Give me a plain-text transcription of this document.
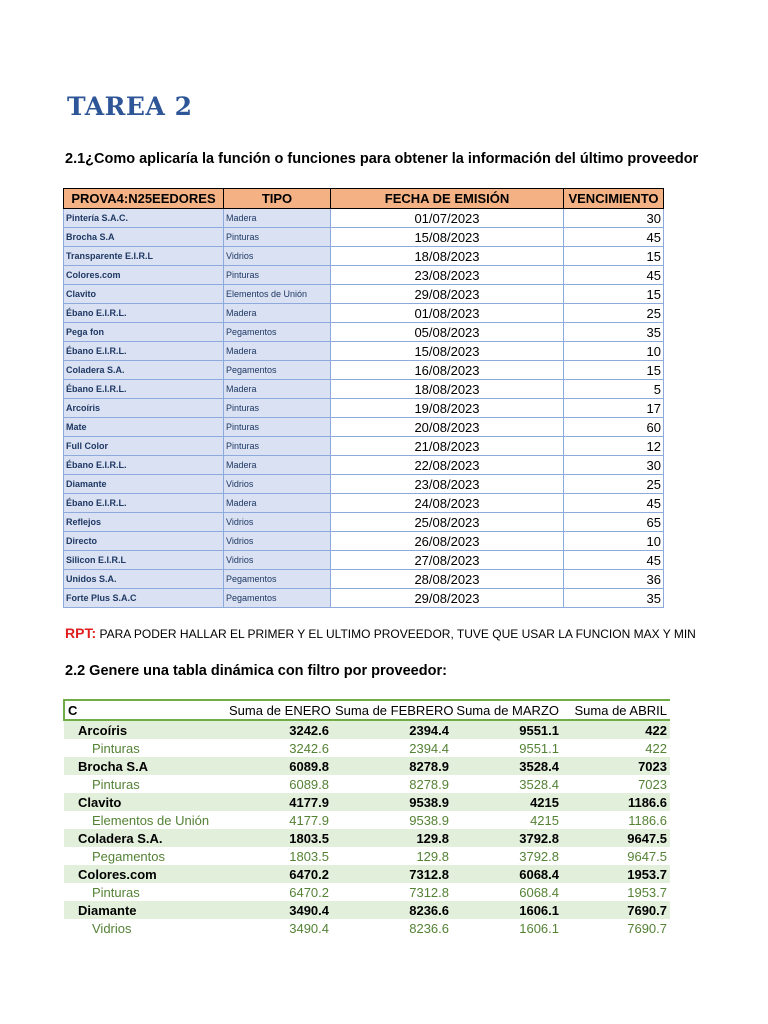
TAREA 2
2.1¿Como aplicaría la función o funciones para obtener la información del último proveedor
PROVA4:N25EEDORES	TIPO	FECHA DE EMISIÓN	VENCIMIENTO
Pintería S.A.C.	Madera	01/07/2023	30
Brocha S.A	Pinturas	15/08/2023	45
Transparente E.I.R.L	Vidrios	18/08/2023	15
Colores.com	Pinturas	23/08/2023	45
Clavito	Elementos de Unión	29/08/2023	15
Ébano E.I.R.L.	Madera	01/08/2023	25
Pega fon	Pegamentos	05/08/2023	35
Ébano E.I.R.L.	Madera	15/08/2023	10
Coladera S.A.	Pegamentos	16/08/2023	15
Ébano E.I.R.L.	Madera	18/08/2023	5
Arcoíris	Pinturas	19/08/2023	17
Mate	Pinturas	20/08/2023	60
Full Color	Pinturas	21/08/2023	12
Ébano E.I.R.L.	Madera	22/08/2023	30
Diamante	Vidrios	23/08/2023	25
Ébano E.I.R.L.	Madera	24/08/2023	45
Reflejos	Vidrios	25/08/2023	65
Directo	Vidrios	26/08/2023	10
Silicon E.I.R.L	Vidrios	27/08/2023	45
Unidos S.A.	Pegamentos	28/08/2023	36
Forte Plus S.A.C	Pegamentos	29/08/2023	35
RPT: PARA PODER HALLAR EL PRIMER Y EL ULTIMO PROVEEDOR, TUVE QUE USAR LA FUNCION MAX Y MIN
2.2 Genere una tabla dinámica con filtro por proveedor:
C	Suma de ENERO	Suma de FEBRERO	Suma de MARZO	Suma de ABRIL
Arcoíris	3242.6	2394.4	9551.1	422
Pinturas	3242.6	2394.4	9551.1	422
Brocha S.A	6089.8	8278.9	3528.4	7023
Pinturas	6089.8	8278.9	3528.4	7023
Clavito	4177.9	9538.9	4215	1186.6
Elementos de Unión	4177.9	9538.9	4215	1186.6
Coladera S.A.	1803.5	129.8	3792.8	9647.5
Pegamentos	1803.5	129.8	3792.8	9647.5
Colores.com	6470.2	7312.8	6068.4	1953.7
Pinturas	6470.2	7312.8	6068.4	1953.7
Diamante	3490.4	8236.6	1606.1	7690.7
Vidrios	3490.4	8236.6	1606.1	7690.7
